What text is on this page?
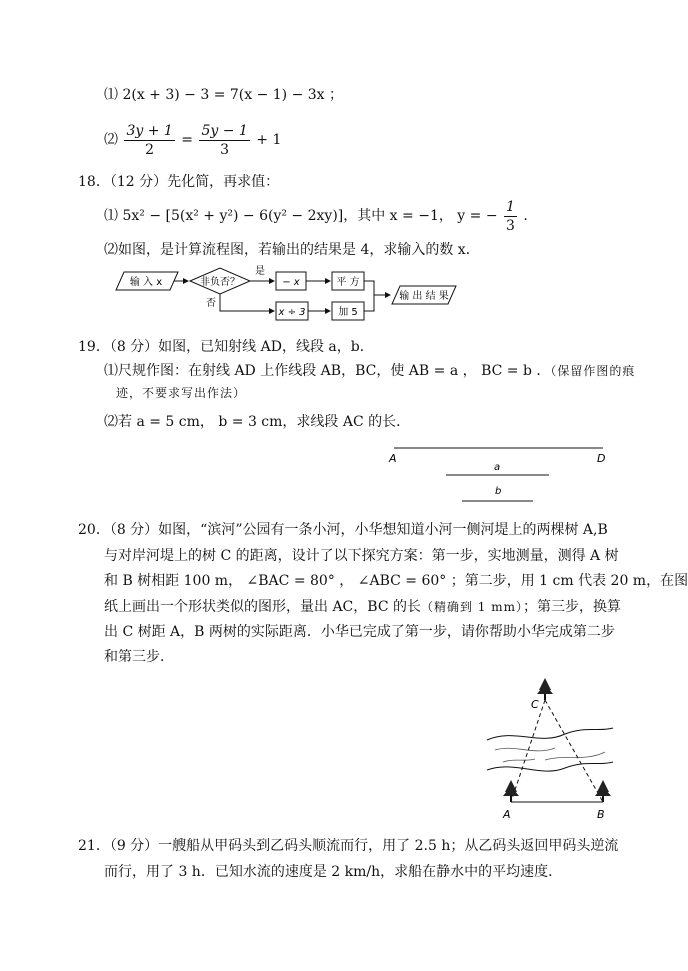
⑴ 2(x + 3) − 3 = 7(x − 1) − 3x ；
⑵ $\frac{3y + 1}{2} = \frac{5y - 1}{3} + 1$
18．（12 分）先化简，再求值：
⑴ 5x² − [5(x² + y²) − 6(y² − 2xy)]，其中 x = −1， y = − $\frac{1}{3}$ .
⑵如图，是计算流程图，若输出的结果是 4，求输入的数 x．
输 入 x	非负否？
是
− x	平 方
否
x ÷ 3	加 5
输 出 结 果
19．（8 分）如图，已知射线 AD，线段 a，b．
⑴尺规作图：在射线 AD 上作线段 AB，BC，使 AB = a ， BC = b ．（保留作图的痕
迹，不要求写出作法）
⑵若 a = 5 cm， b = 3 cm，求线段 AC 的长．
A	D
a
b
20．（8 分）如图，“滨河”公园有一条小河，小华想知道小河一侧河堤上的两棵树 A,B
与对岸河堤上的树 C 的距离，设计了以下探究方案：第一步，实地测量，测得 A 树
和 B 树相距 100 m， ∠BAC = 80° ， ∠ABC = 60° ；第二步，用 1 cm 代表 20 m，在图
纸上画出一个形状类似的图形，量出 AC，BC 的长（精确到 1 mm）；第三步，换算
出 C 树距 A，B 两树的实际距离．小华已完成了第一步，请你帮助小华完成第二步
和第三步．
C
A	B
21．（9 分）一艘船从甲码头到乙码头顺流而行，用了 2.5 h；从乙码头返回甲码头逆流
而行，用了 3 h．已知水流的速度是 2 km/h，求船在静水中的平均速度．
